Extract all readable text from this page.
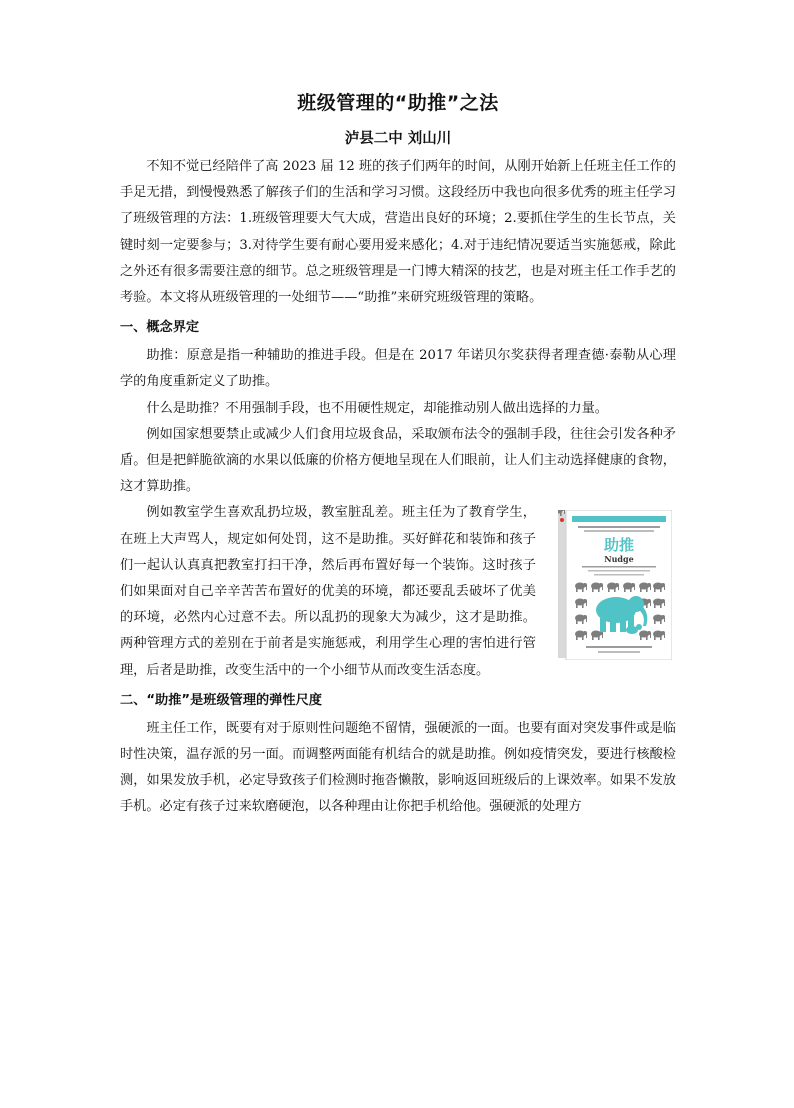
班级管理的“助推”之法
泸县二中 刘山川

不知不觉已经陪伴了高 2023 届 12 班的孩子们两年的时间，从刚开始新上任班主任工作的手足无措，到慢慢熟悉了解孩子们的生活和学习习惯。这段经历中我也向很多优秀的班主任学习了班级管理的方法：1.班级管理要大气大成，营造出良好的环境；2.要抓住学生的生长节点，关键时刻一定要参与；3.对待学生要有耐心要用爱来感化；4.对于违纪情况要适当实施惩戒，除此之外还有很多需要注意的细节。总之班级管理是一门博大精深的技艺，也是对班主任工作手艺的考验。本文将从班级管理的一处细节——“助推”来研究班级管理的策略。

一、概念界定

助推：原意是指一种辅助的推进手段。但是在 2017 年诺贝尔奖获得者理查德·泰勒从心理学的角度重新定义了助推。

什么是助推？不用强制手段，也不用硬性规定，却能推动别人做出选择的力量。

例如国家想要禁止或减少人们食用垃圾食品，采取颁布法令的强制手段，往往会引发各种矛盾。但是把鲜脆欲滴的水果以低廉的价格方便地呈现在人们眼前，让人们主动选择健康的食物，这才算助推。

助推
Nudge

例如教室学生喜欢乱扔垃圾，教室脏乱差。班主任为了教育学生，在班上大声骂人，规定如何处罚，这不是助推。买好鲜花和装饰和孩子们一起认认真真把教室打扫干净，然后再布置好每一个装饰。这时孩子们如果面对自己辛辛苦苦布置好的优美的环境，都还要乱丢破坏了优美的环境，必然内心过意不去。所以乱扔的现象大为减少，这才是助推。两种管理方式的差别在于前者是实施惩戒，利用学生心理的害怕进行管理，后者是助推，改变生活中的一个小细节从而改变生活态度。

二、“助推”是班级管理的弹性尺度

班主任工作，既要有对于原则性问题绝不留情，强硬派的一面。也要有面对突发事件或是临时性决策，温存派的另一面。而调整两面能有机结合的就是助推。例如疫情突发，要进行核酸检测，如果发放手机，必定导致孩子们检测时拖沓懒散，影响返回班级后的上课效率。如果不发放手机。必定有孩子过来软磨硬泡，以各种理由让你把手机给他。强硬派的处理方
